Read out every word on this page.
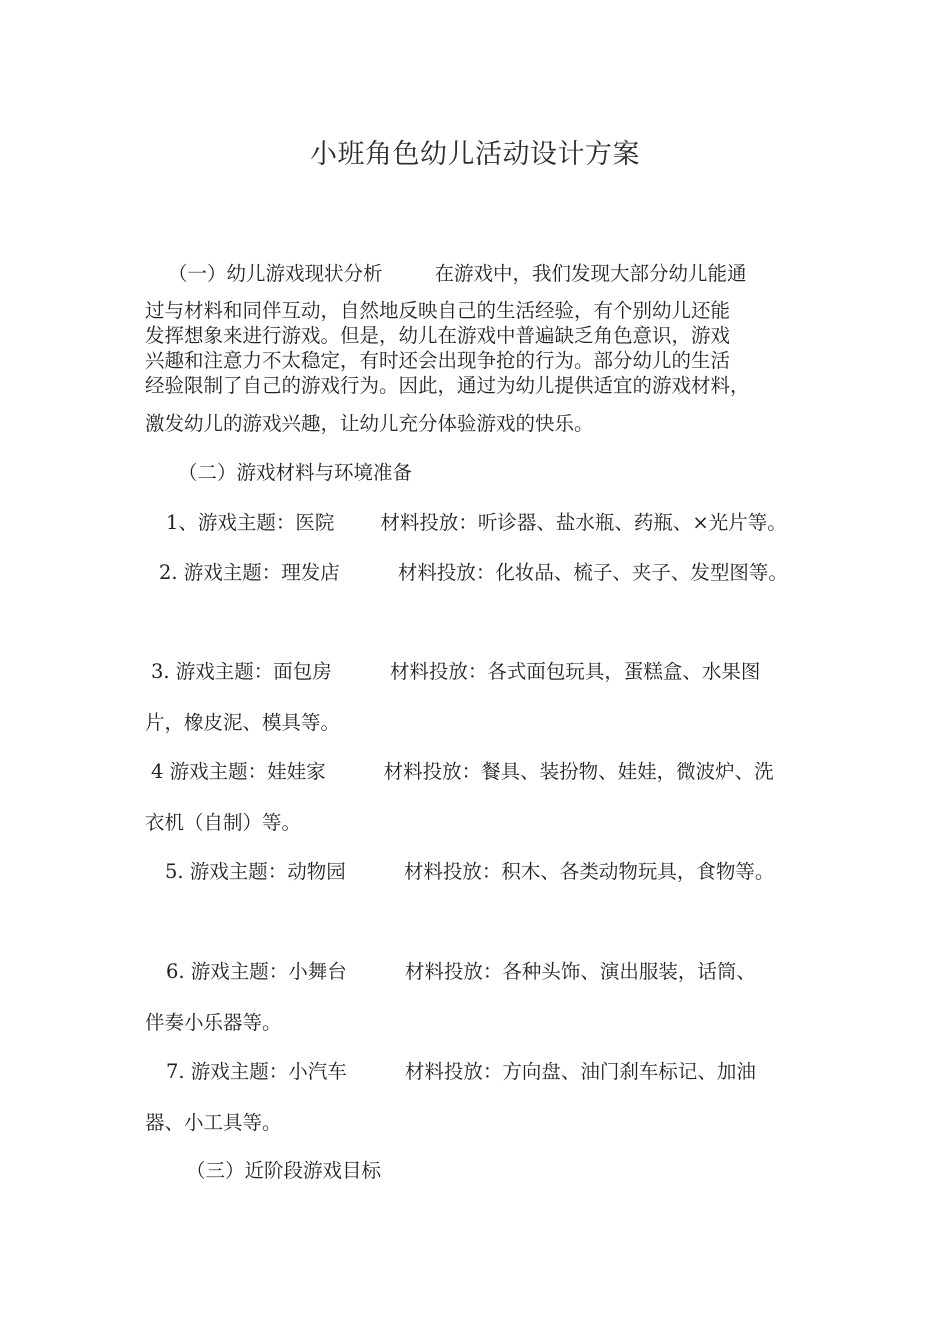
小班角色幼儿活动设计方案
（一）幼儿游戏现状分析	在游戏中，我们发现大部分幼儿能通
过与材料和同伴互动，自然地反映自己的生活经验，有个别幼儿还能
发挥想象来进行游戏。但是，幼儿在游戏中普遍缺乏角色意识，游戏
兴趣和注意力不太稳定，有时还会出现争抢的行为。部分幼儿的生活
经验限制了自己的游戏行为。因此，通过为幼儿提供适宜的游戏材料，
激发幼儿的游戏兴趣，让幼儿充分体验游戏的快乐。
（二）游戏材料与环境准备
1、游戏主题：医院 材料投放：听诊器、盐水瓶、药瓶、×光片等。
2. 游戏主题：理发店	材料投放：化妆品、梳子、夹子、发型图等。
3. 游戏主题：面包房	材料投放：各式面包玩具，蛋糕盒、水果图
片，橡皮泥、模具等。
4 游戏主题：娃娃家	材料投放：餐具、装扮物、娃娃，微波炉、洗
衣机（自制）等。
5. 游戏主题：动物园	材料投放：积木、各类动物玩具，食物等。
6. 游戏主题：小舞台	材料投放：各种头饰、演出服装，话筒、
伴奏小乐器等。
7. 游戏主题：小汽车	材料投放：方向盘、油门刹车标记、加油
器、小工具等。
（三）近阶段游戏目标
